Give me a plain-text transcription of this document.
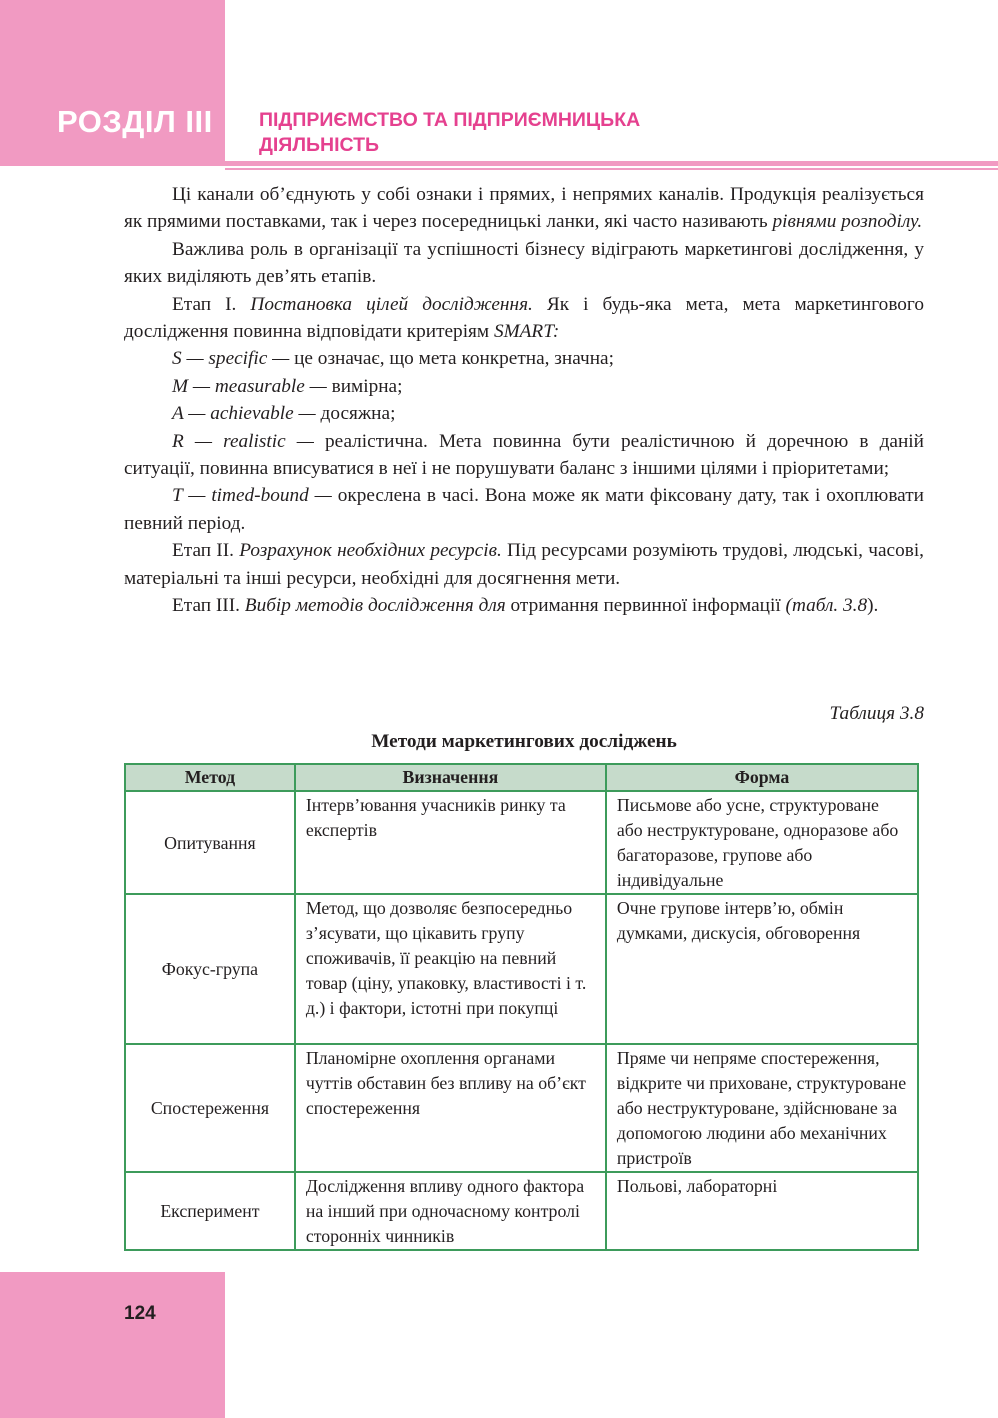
РОЗДІЛ III ПІДПРИЄМСТВО ТА ПІДПРИЄМНИЦЬКА
ДІЯЛЬНІСТЬ

Ці канали об’єднують у собі ознаки і прямих, і непрямих каналів. Продукція реалізується як прямими поставками, так і через посередницькі ланки, які часто називають рівнями розподілу.

Важлива роль в організації та успішності бізнесу відіграють маркетингові дослідження, у яких виділяють дев’ять етапів.

Етап I. Постановка цілей дослідження. Як і будь-яка мета, мета маркетингового дослідження повинна відповідати критеріям SMART:

S — specific — це означає, що мета конкретна, значна;

M — measurable — вимірна;

A — achievable — досяжна;

R — realistic — реалістична. Мета повинна бути реалістичною й доречною в даній ситуації, повинна вписуватися в неї і не порушувати баланс з іншими цілями і пріоритетами;

T — timed-bound — окреслена в часі. Вона може як мати фіксовану дату, так і охоплювати певний період.

Етап II. Розрахунок необхідних ресурсів. Під ресурсами розуміють трудові, людські, часові, матеріальні та інші ресурси, необхідні для досягнення мети.

Етап III. Вибір методів дослідження для отримання первинної інформації (табл. 3.8).

Таблиця 3.8
Методи маркетингових досліджень
Метод	Визначення	Форма
Опитування	Інтерв’ювання учасників ринку та експертів	Письмове або усне, структуроване або неструктуроване, одноразове або багаторазове, групове або індивідуальне
Фокус-група	Метод, що дозволяє безпосередньо з’ясувати, що цікавить групу споживачів, її реакцію на певний товар (ціну, упаковку, властивості і т. д.) і фактори, істотні при покупці	Очне групове інтерв’ю, обмін думками, дискусія, обговорення
Спостереження	Планомірне охоплення органами чуттів обставин без впливу на об’єкт спостереження	Пряме чи непряме спостереження, відкрите чи приховане, структуроване або неструктуроване, здійснюване за допомогою людини або механічних пристроїв
Експеримент	Дослідження впливу одного фактора на інший при одночасному контролі сторонніх чинників	Польові, лабораторні
124
